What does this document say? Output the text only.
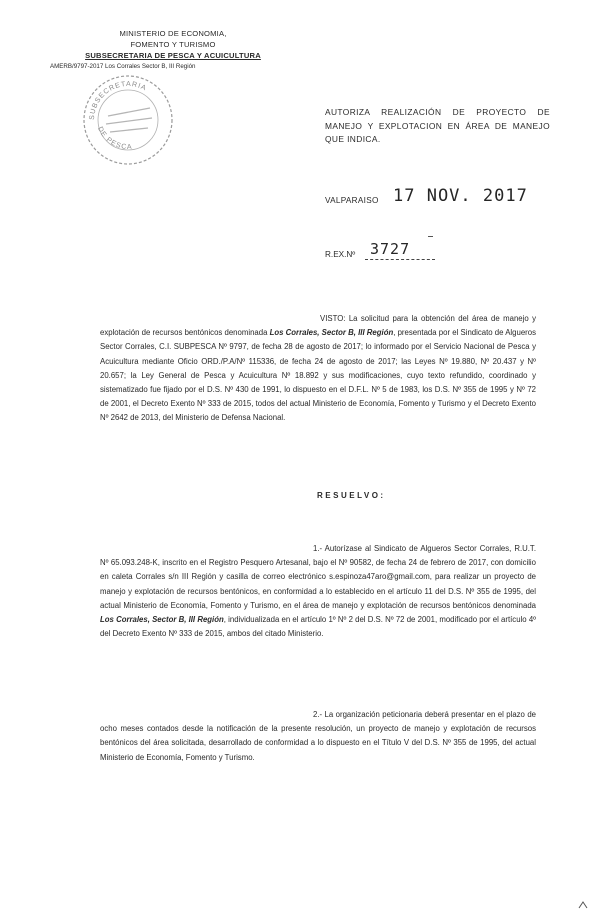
MINISTERIO DE ECONOMIA,
FOMENTO Y TURISMO
SUBSECRETARIA DE PESCA Y ACUICULTURA
AMERB/9797-2017 Los Corrales Sector B, III Región
SUBSECRETARIA
DE PESCA
AUTORIZA REALIZACIÓN DE PROYECTO DE MANEJO Y EXPLOTACION EN ÁREA DE MANEJO QUE INDICA.
VALPARAISO 17 NOV. 2017
R.EX.Nº 3727

VISTO: La solicitud para la obtención del área de manejo y explotación de recursos bentónicos denominada Los Corrales, Sector B, III Región, presentada por el Sindicato de Algueros Sector Corrales, C.I. SUBPESCA Nº 9797, de fecha 28 de agosto de 2017; lo informado por el Servicio Nacional de Pesca y Acuicultura mediante Oficio ORD./P.A/Nº 115336, de fecha 24 de agosto de 2017; las Leyes Nº 19.880, Nº 20.437 y Nº 20.657; la Ley General de Pesca y Acuicultura Nº 18.892 y sus modificaciones, cuyo texto refundido, coordinado y sistematizado fue fijado por el D.S. Nº 430 de 1991, lo dispuesto en el D.F.L. Nº 5 de 1983, los D.S. Nº 355 de 1995 y Nº 72 de 2001, el Decreto Exento Nº 333 de 2015, todos del actual Ministerio de Economía, Fomento y Turismo y el Decreto Exento Nº 2642 de 2013, del Ministerio de Defensa Nacional.

RESUELVO:

1.- Autorízase al Sindicato de Algueros Sector Corrales, R.U.T. Nº 65.093.248-K, inscrito en el Registro Pesquero Artesanal, bajo el Nº 90582, de fecha 24 de febrero de 2017, con domicilio en caleta Corrales s/n III Región y casilla de correo electrónico s.espinoza47aro@gmail.com, para realizar un proyecto de manejo y explotación de recursos bentónicos, en conformidad a lo establecido en el artículo 11 del D.S. Nº 355 de 1995, del actual Ministerio de Economía, Fomento y Turismo, en el área de manejo y explotación de recursos bentónicos denominada Los Corrales, Sector B, III Región, individualizada en el artículo 1º Nº 2 del D.S. Nº 72 de 2001, modificado por el artículo 4º del Decreto Exento Nº 333 de 2015, ambos del citado Ministerio.

2.- La organización peticionaria deberá presentar en el plazo de ocho meses contados desde la notificación de la presente resolución, un proyecto de manejo y explotación de recursos bentónicos del área solicitada, desarrollado de conformidad a lo dispuesto en el Título V del D.S. Nº 355 de 1995, del actual Ministerio de Economía, Fomento y Turismo.
